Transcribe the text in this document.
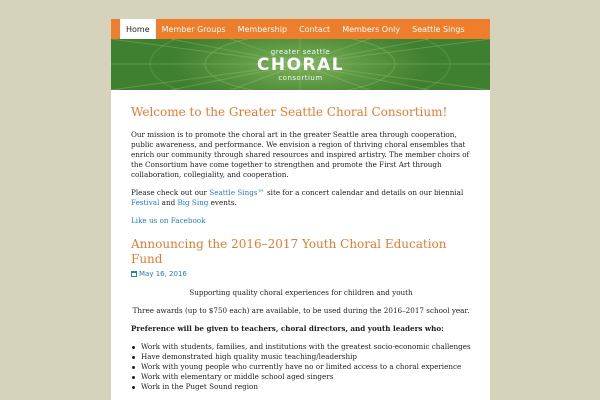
Home	Member Groups	Membership	Contact	Members Only	Seattle Sings
greater seattle
CHORAL
consortium
Welcome to the Greater Seattle Choral Consortium!

Our mission is to promote the choral art in the greater Seattle area through cooperation, public awareness, and performance. We envision a region of thriving choral ensembles that enrich our community through shared resources and inspired artistry. The member choirs of the Consortium have come together to strengthen and promote the First Art through collaboration, collegiality, and cooperation.

Please check out our Seattle Sings™ site for a concert calendar and details on our biennial Festival and Big Sing events.

Like us on Facebook

Announcing the 2016–2017 Youth Choral Education Fund
May 16, 2016

Supporting quality choral experiences for children and youth

Three awards (up to $750 each) are available, to be used during the 2016–2017 school year.

Preference will be given to teachers, choral directors, and youth leaders who:

Work with students, families, and institutions with the greatest socio-economic challenges
Have demonstrated high quality music teaching/leadership
Work with young people who currently have no or limited access to a choral experience
Work with elementary or middle school aged singers
Work in the Puget Sound region
